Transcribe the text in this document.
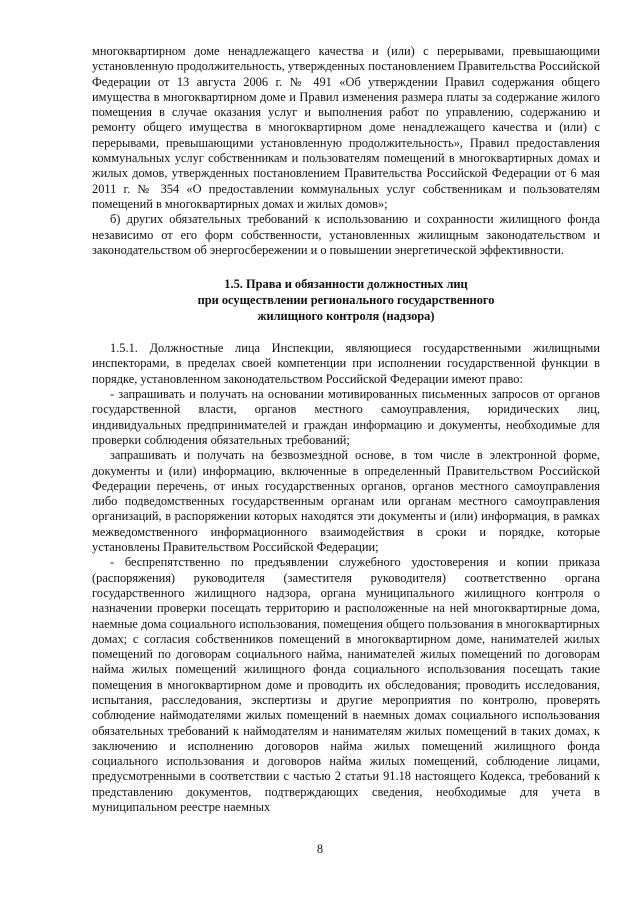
многоквартирном доме ненадлежащего качества и (или) с перерывами, превышающими установленную продолжительность, утвержденных постановлением Правительства Российской Федерации от 13 августа 2006 г. № 491 «Об утверждении Правил содержания общего имущества в многоквартирном доме и Правил изменения размера платы за содержание жилого помещения в случае оказания услуг и выполнения работ по управлению, содержанию и ремонту общего имущества в многоквартирном доме ненадлежащего качества и (или) с перерывами, превышающими установленную продолжительность», Правил предоставления коммунальных услуг собственникам и пользователям помещений в многоквартирных домах и жилых домов, утвержденных постановлением Правительства Российской Федерации от 6 мая 2011 г. № 354 «О предоставлении коммунальных услуг собственникам и пользователям помещений в многоквартирных домах и жилых домов»;

б) других обязательных требований к использованию и сохранности жилищного фонда независимо от его форм собственности, установленных жилищным законодательством и законодательством об энергосбережении и о повышении энергетической эффективности.

1.5. Права и обязанности должностных лиц
при осуществлении регионального государственного
жилищного контроля (надзора)

1.5.1. Должностные лица Инспекции, являющиеся государственными жилищными инспекторами, в пределах своей компетенции при исполнении государственной функции в порядке, установленном законодательством Российской Федерации имеют право:

- запрашивать и получать на основании мотивированных письменных запросов от органов государственной власти, органов местного самоуправления, юридических лиц, индивидуальных предпринимателей и граждан информацию и документы, необходимые для проверки соблюдения обязательных требований;

запрашивать и получать на безвозмездной основе, в том числе в электронной форме, документы и (или) информацию, включенные в определенный Правительством Российской Федерации перечень, от иных государственных органов, органов местного самоуправления либо подведомственных государственным органам или органам местного самоуправления организаций, в распоряжении которых находятся эти документы и (или) информация, в рамках межведомственного информационного взаимодействия в сроки и порядке, которые установлены Правительством Российской Федерации;

- беспрепятственно по предъявлении служебного удостоверения и копии приказа (распоряжения) руководителя (заместителя руководителя) соответственно органа государственного жилищного надзора, органа муниципального жилищного контроля о назначении проверки посещать территорию и расположенные на ней многоквартирные дома, наемные дома социального использования, помещения общего пользования в многоквартирных домах; с согласия собственников помещений в многоквартирном доме, нанимателей жилых помещений по договорам социального найма, нанимателей жилых помещений по договорам найма жилых помещений жилищного фонда социального использования посещать такие помещения в многоквартирном доме и проводить их обследования; проводить исследования, испытания, расследования, экспертизы и другие мероприятия по контролю, проверять соблюдение наймодателями жилых помещений в наемных домах социального использования обязательных требований к наймодателям и нанимателям жилых помещений в таких домах, к заключению и исполнению договоров найма жилых помещений жилищного фонда социального использования и договоров найма жилых помещений, соблюдение лицами, предусмотренными в соответствии с частью 2 статьи 91.18 настоящего Кодекса, требований к представлению документов, подтверждающих сведения, необходимые для учета в муниципальном реестре наемных

8
